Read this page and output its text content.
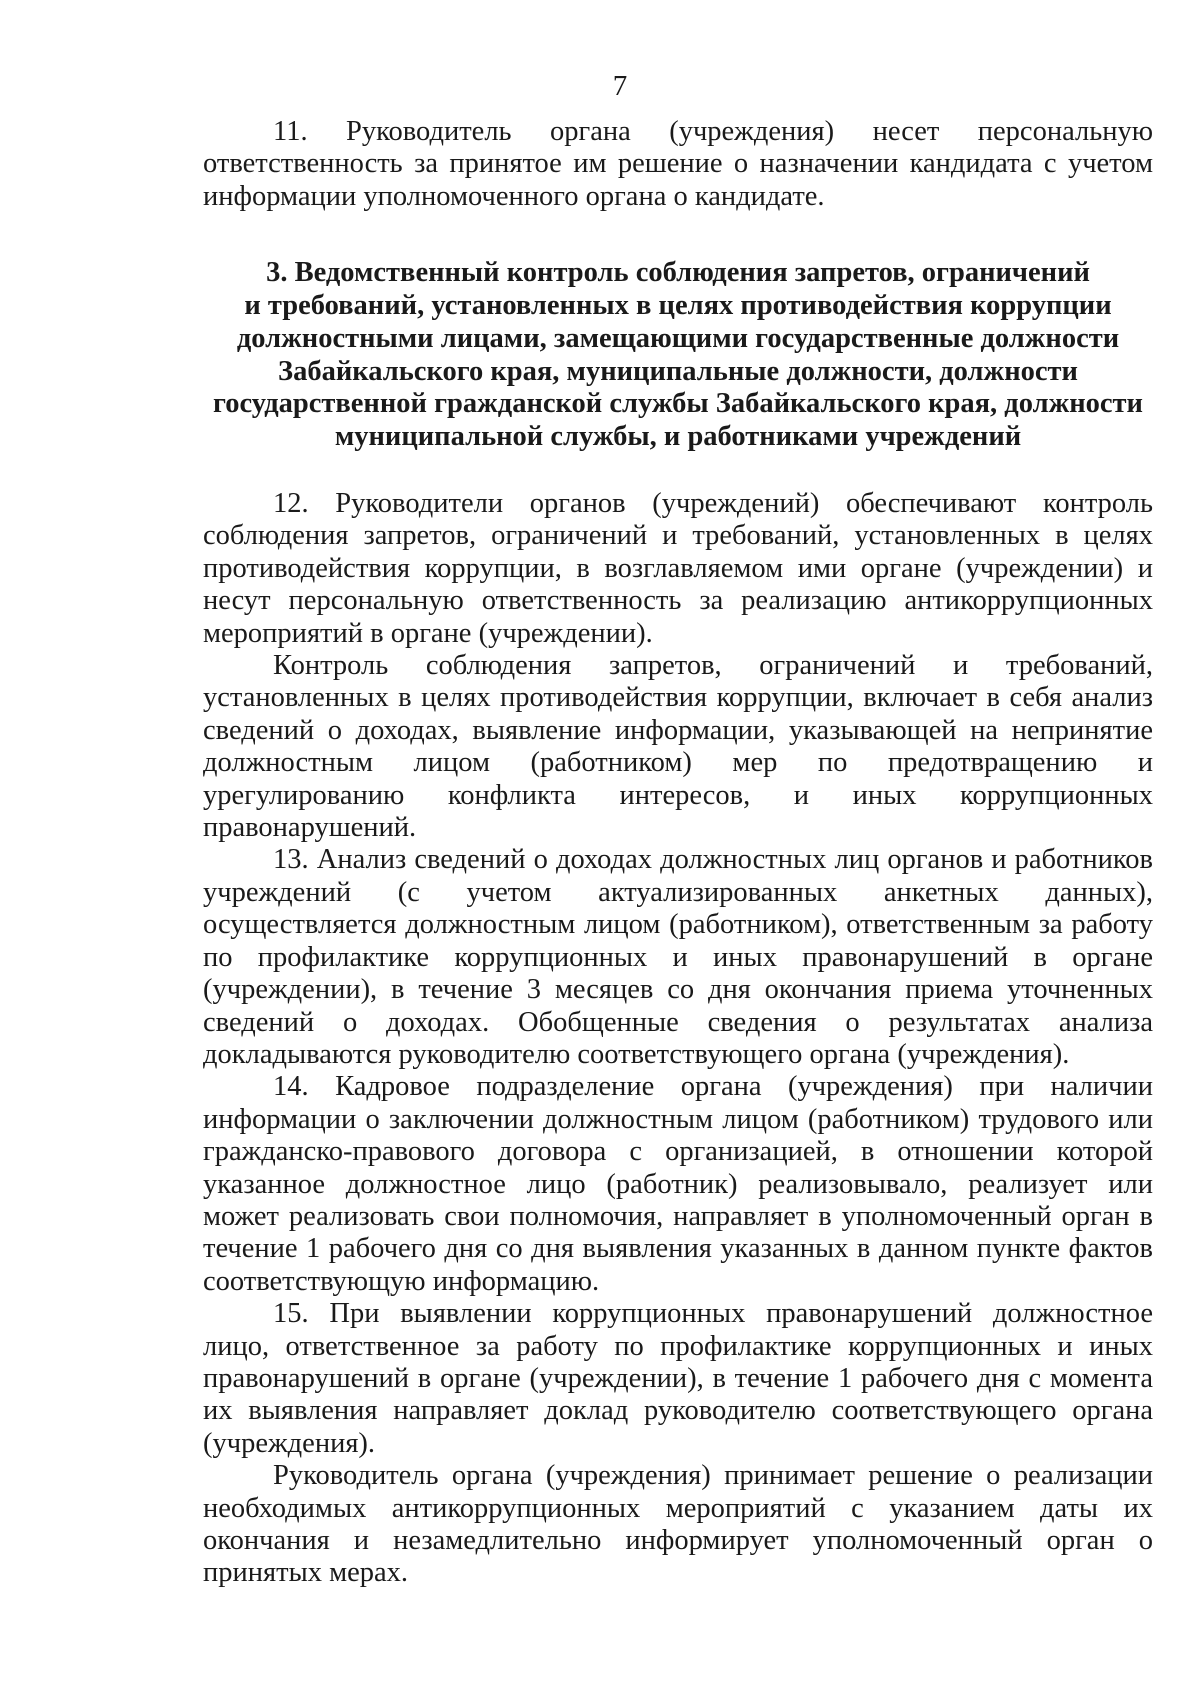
7

11. Руководитель органа (учреждения) несет персональную ответственность за принятое им решение о назначении кандидата с учетом информации уполномоченного органа о кандидате.

3. Ведомственный контроль соблюдения запретов, ограничений
и требований, установленных в целях противодействия коррупции
должностными лицами, замещающими государственные должности
Забайкальского края, муниципальные должности, должности
государственной гражданской службы Забайкальского края, должности
муниципальной службы, и работниками учреждений

12. Руководители органов (учреждений) обеспечивают контроль соблюдения запретов, ограничений и требований, установленных в целях противодействия коррупции, в возглавляемом ими органе (учреждении) и несут персональную ответственность за реализацию антикоррупционных мероприятий в органе (учреждении).

Контроль соблюдения запретов, ограничений и требований, установленных в целях противодействия коррупции, включает в себя анализ сведений о доходах, выявление информации, указывающей на непринятие должностным лицом (работником) мер по предотвращению и урегулированию конфликта интересов, и иных коррупционных правонарушений.

13. Анализ сведений о доходах должностных лиц органов и работников учреждений (с учетом актуализированных анкетных данных), осуществляется должностным лицом (работником), ответственным за работу по профилактике коррупционных и иных правонарушений в органе (учреждении), в течение 3 месяцев со дня окончания приема уточненных сведений о доходах. Обобщенные сведения о результатах анализа докладываются руководителю соответствующего органа (учреждения).

14. Кадровое подразделение органа (учреждения) при наличии информации о заключении должностным лицом (работником) трудового или гражданско-правового договора с организацией, в отношении которой указанное должностное лицо (работник) реализовывало, реализует или может реализовать свои полномочия, направляет в уполномоченный орган в течение 1 рабочего дня со дня выявления указанных в данном пункте фактов соответствующую информацию.

15. При выявлении коррупционных правонарушений должностное лицо, ответственное за работу по профилактике коррупционных и иных правонарушений в органе (учреждении), в течение 1 рабочего дня с момента их выявления направляет доклад руководителю соответствующего органа (учреждения).

Руководитель органа (учреждения) принимает решение о реализации необходимых антикоррупционных мероприятий с указанием даты их окончания и незамедлительно информирует уполномоченный орган о принятых мерах.
